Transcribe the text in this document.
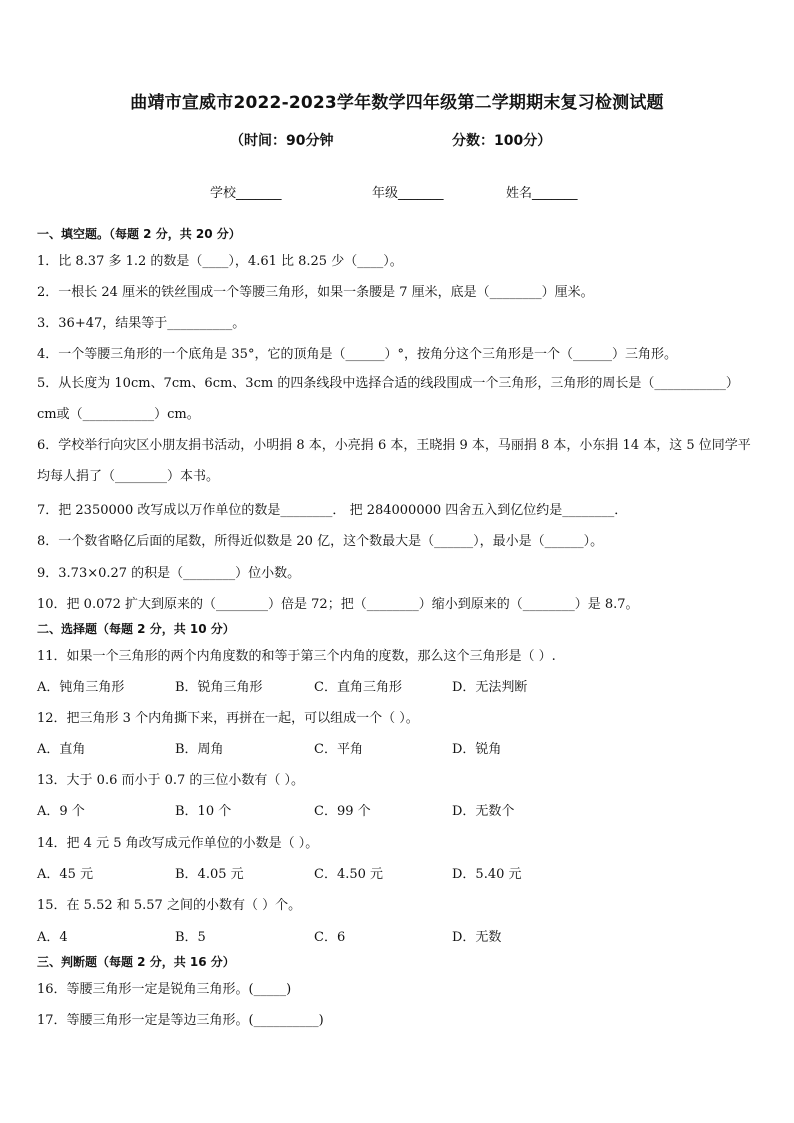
曲靖市宣威市2022-2023学年数学四年级第二学期期末复习检测试题
（时间：90分钟	分数：100分）
学校_______	年级_______	姓名_______
一、填空题。（每题 2 分，共 20 分）
1．比 8.37 多 1.2 的数是（____），4.61 比 8.25 少（____）。
2．一根长 24 厘米的铁丝围成一个等腰三角形，如果一条腰是 7 厘米，底是（________）厘米。
3．36+47，结果等于__________。
4．一个等腰三角形的一个底角是 35°，它的顶角是（______）°，按角分这个三角形是一个（______）三角形。
5．从长度为 10cm、7cm、6cm、3cm 的四条线段中选择合适的线段围成一个三角形，三角形的周长是（___________）cm或（___________）cm。
6．学校举行向灾区小朋友捐书活动，小明捐 8 本，小亮捐 6 本，王晓捐 9 本，马丽捐 8 本，小东捐 14 本，这 5 位同学平均每人捐了（________）本书。
7．把 2350000 改写成以万作单位的数是________． 把 284000000 四舍五入到亿位约是________．
8．一个数省略亿后面的尾数，所得近似数是 20 亿，这个数最大是（______），最小是（______）。
9．3.73×0.27 的积是（________）位小数。
10．把 0.072 扩大到原来的（________）倍是 72；把（________）缩小到原来的（________）是 8.7。
二、选择题（每题 2 分，共 10 分）
11．如果一个三角形的两个内角度数的和等于第三个内角的度数，那么这个三角形是（ ）.
A．钝角三角形	B．锐角三角形	C．直角三角形	D．无法判断
12．把三角形 3 个内角撕下来，再拼在一起，可以组成一个（ ）。
A．直角	B．周角	C．平角	D．锐角
13．大于 0.6 而小于 0.7 的三位小数有（ ）。
A．9 个	B．10 个	C．99 个	D．无数个
14．把 4 元 5 角改写成元作单位的小数是（ ）。
A．45 元	B．4.05 元	C．4.50 元	D．5.40 元
15．在 5.52 和 5.57 之间的小数有（ ）个。
A．4	B．5	C．6	D．无数
三、判断题（每题 2 分，共 16 分）
16．等腰三角形一定是锐角三角形。(_____)
17．等腰三角形一定是等边三角形。(__________)
